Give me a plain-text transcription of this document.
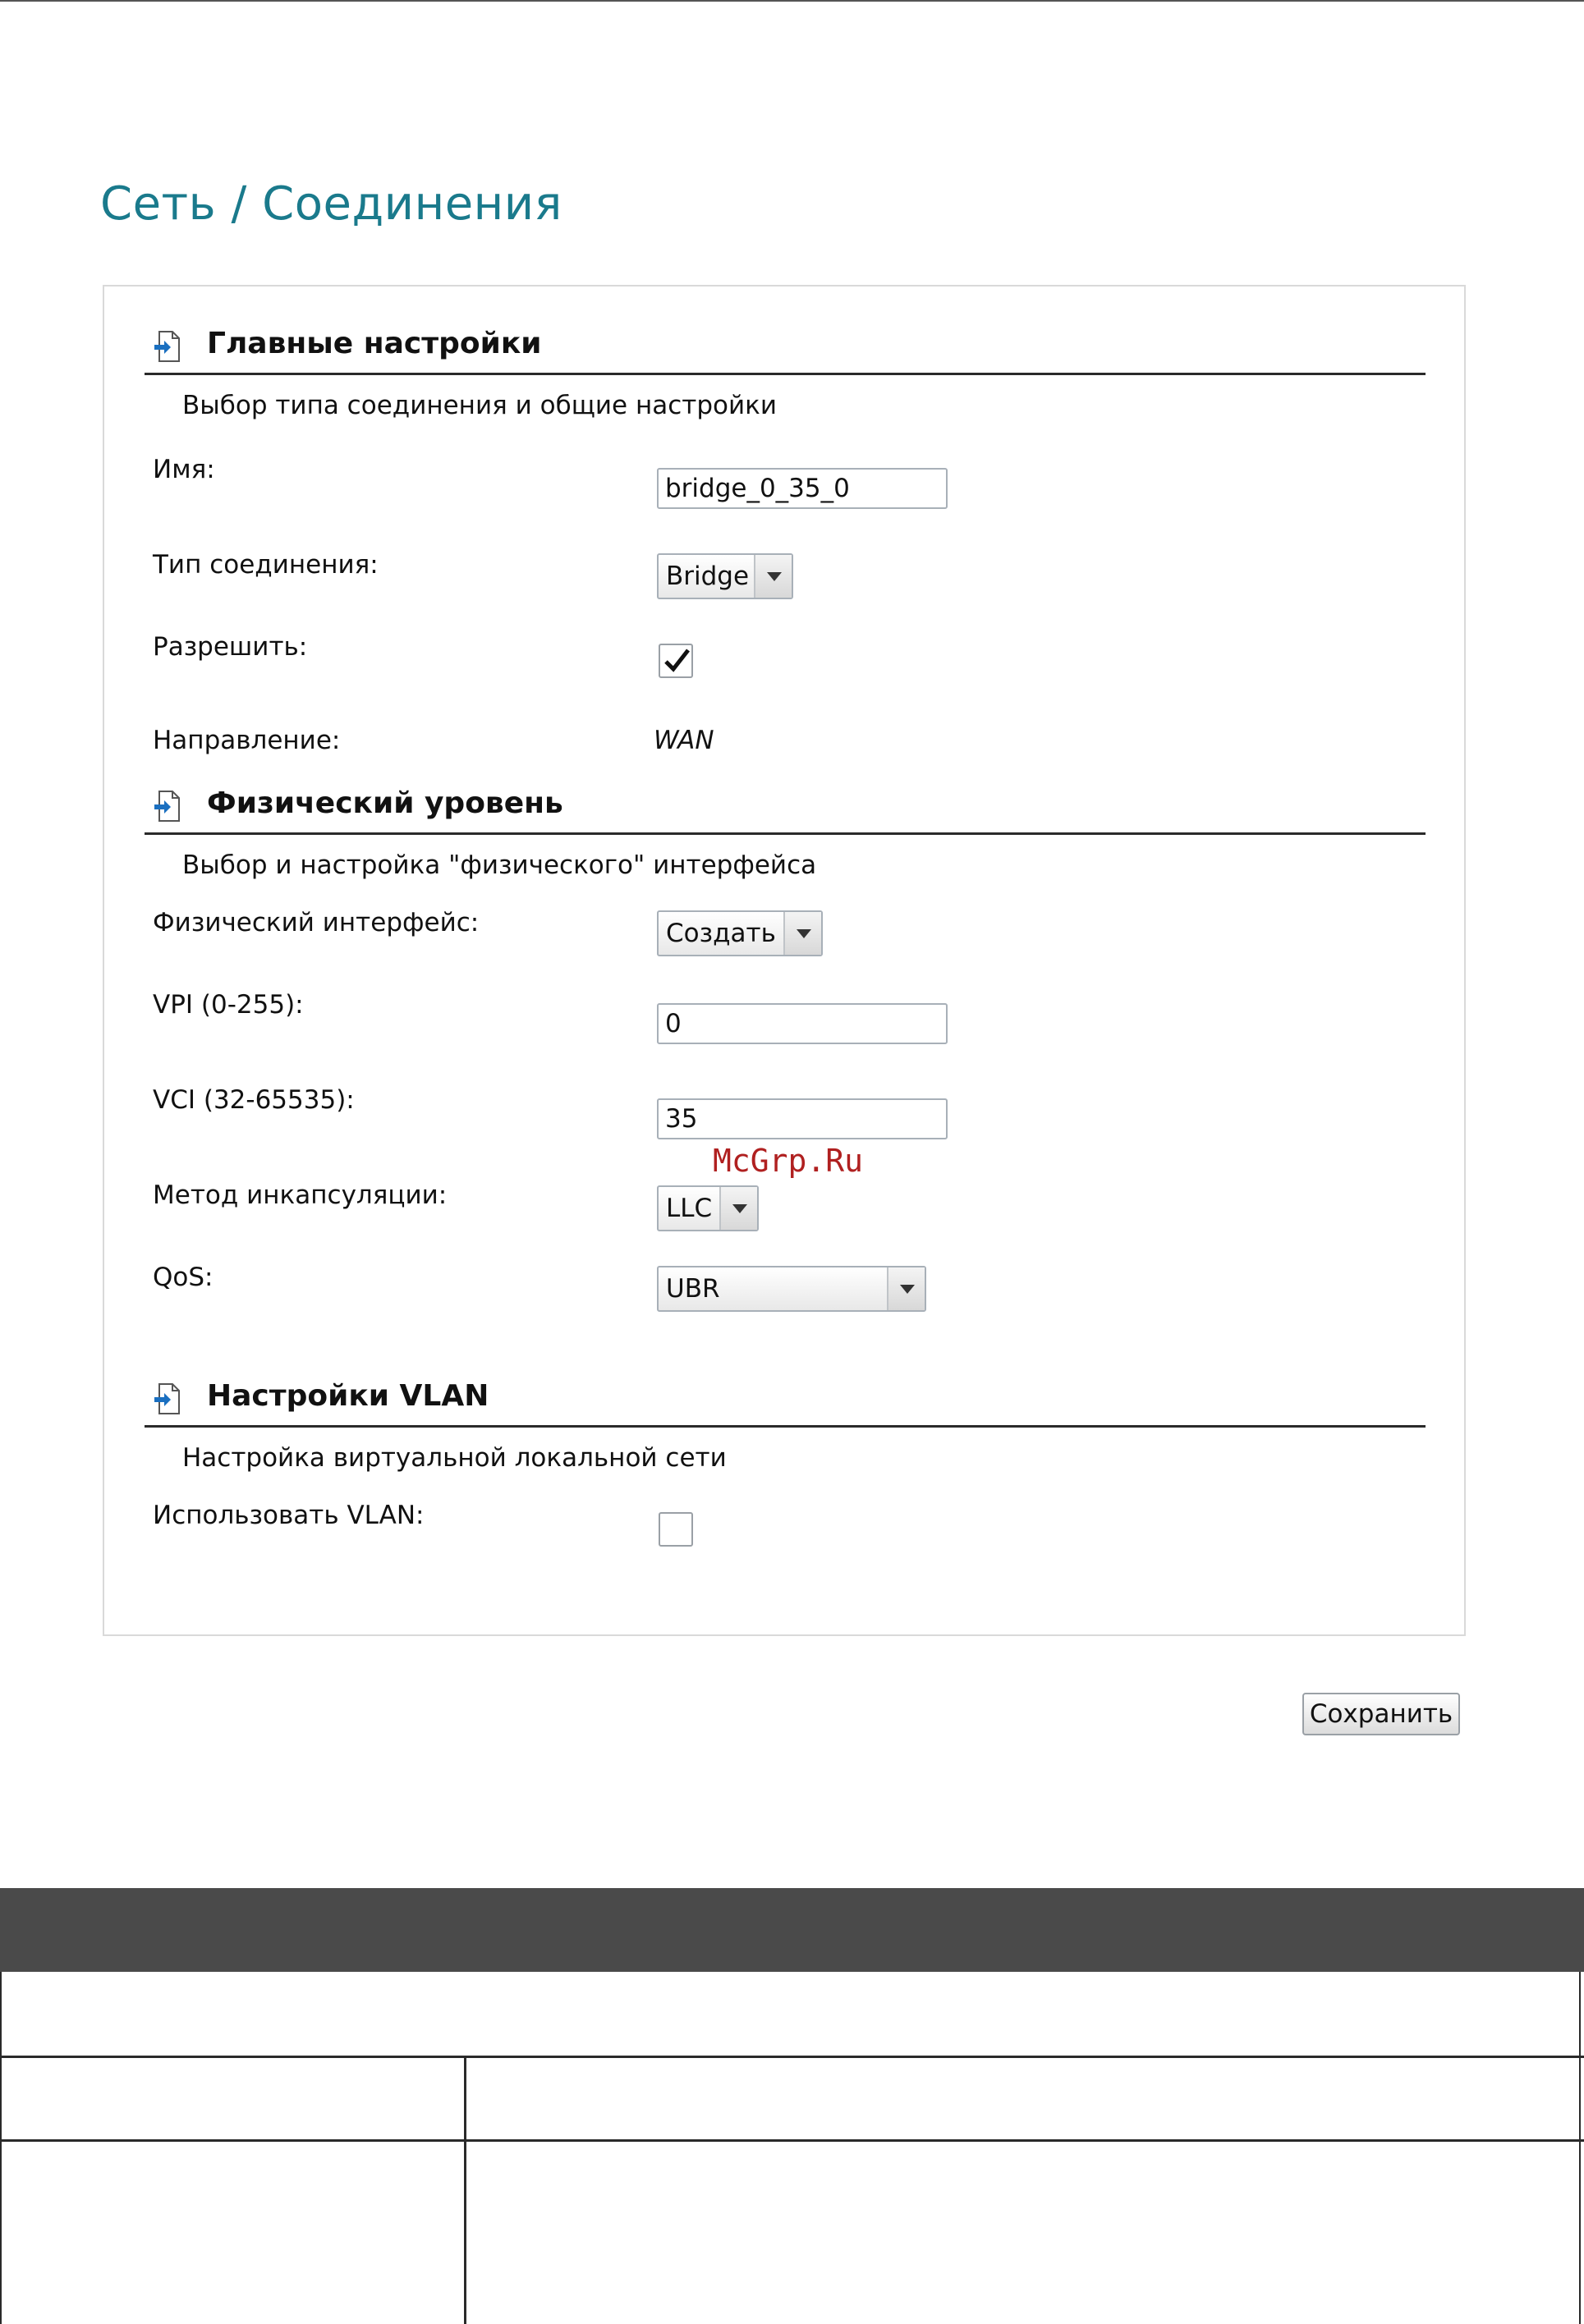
Сеть / Соединения
Главные настройки
Выбор типа соединения и общие настройки
Имя:
bridge_0_35_0
Тип соединения:	Bridge
Разрешить:
Направление:	WAN
Физический уровень
Выбор и настройка "физического" интерфейса
Физический интерфейс:	Создать
VPI (0-255):
0
VCI (32-65535):
35
Метод инкапсуляции:	LLC
QoS:	UBR
Настройки VLAN
Настройка виртуальной локальной сети
Использовать VLAN:
Сохранить
McGrp.Ru
